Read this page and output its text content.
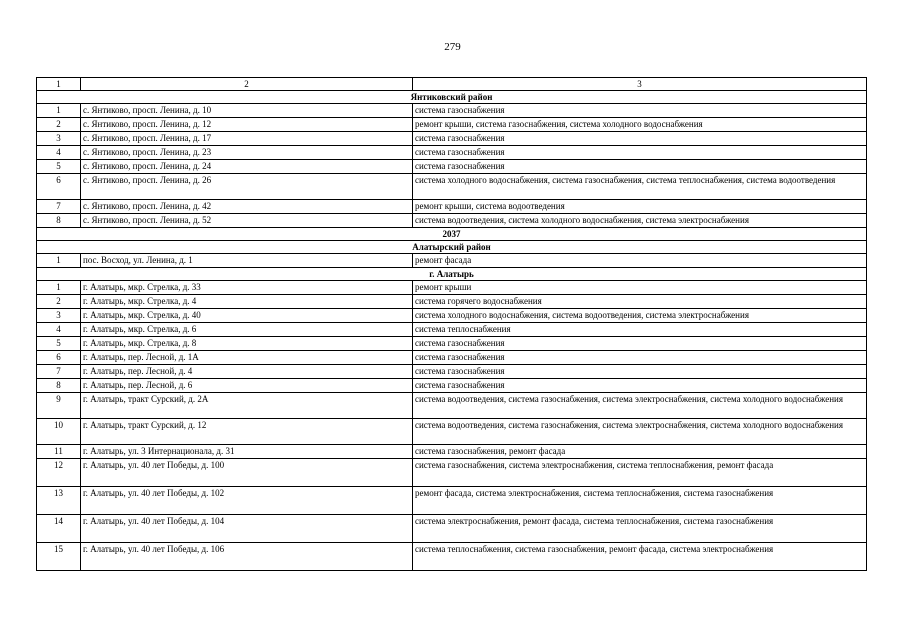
279
1	2	3
Янтиковский район		
1	с. Янтиково, просп. Ленина, д. 10	система газоснабжения
2	с. Янтиково, просп. Ленина, д. 12	ремонт крыши, система газоснабжения, система холодного водоснабжения
3	с. Янтиково, просп. Ленина, д. 17	система газоснабжения
4	с. Янтиково, просп. Ленина, д. 23	система газоснабжения
5	с. Янтиково, просп. Ленина, д. 24	система газоснабжения
6	с. Янтиково, просп. Ленина, д. 26	система холодного водоснабжения, система газоснабжения, система теплоснабжения, система водоотведения
7	с. Янтиково, просп. Ленина, д. 42	ремонт крыши, система водоотведения
8	с. Янтиково, просп. Ленина, д. 52	система водоотведения, система холодного водоснабжения, система электроснабжения
2037		
Алатырский район		
1	пос. Восход, ул. Ленина, д. 1	ремонт фасада
г. Алатырь		
1	г. Алатырь, мкр. Стрелка, д. 33	ремонт крыши
2	г. Алатырь, мкр. Стрелка, д. 4	система горячего водоснабжения
3	г. Алатырь, мкр. Стрелка, д. 40	система холодного водоснабжения, система водоотведения, система электроснабжения
4	г. Алатырь, мкр. Стрелка, д. 6	система теплоснабжения
5	г. Алатырь, мкр. Стрелка, д. 8	система газоснабжения
6	г. Алатырь, пер. Лесной, д. 1А	система газоснабжения
7	г. Алатырь, пер. Лесной, д. 4	система газоснабжения
8	г. Алатырь, пер. Лесной, д. 6	система газоснабжения
9	г. Алатырь, тракт Сурский, д. 2А	система водоотведения, система газоснабжения, система электроснабжения, система холодного водоснабжения
10	г. Алатырь, тракт Сурский, д. 12	система водоотведения, система газоснабжения, система электроснабжения, система холодного водоснабжения
11	г. Алатырь, ул. 3 Интернационала, д. 31	система газоснабжения, ремонт фасада
12	г. Алатырь, ул. 40 лет Победы, д. 100	система газоснабжения, система электроснабжения, система теплоснабжения, ремонт фасада
13	г. Алатырь, ул. 40 лет Победы, д. 102	ремонт фасада, система электроснабжения, система теплоснабжения, система газоснабжения
14	г. Алатырь, ул. 40 лет Победы, д. 104	система электроснабжения, ремонт фасада, система теплоснабжения, система газоснабжения
15	г. Алатырь, ул. 40 лет Победы, д. 106	система теплоснабжения, система газоснабжения, ремонт фасада, система электроснабжения
